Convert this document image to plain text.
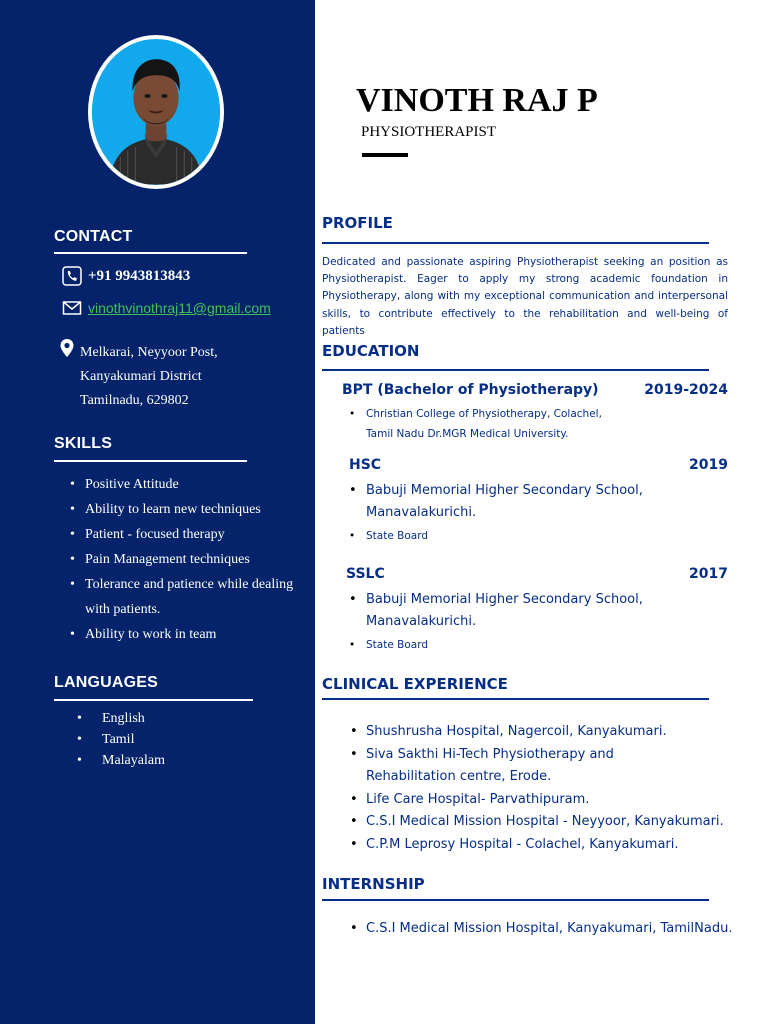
CONTACT
+91 9943813843
vinothvinothraj11@gmail.com
Melkarai, Neyyoor Post,
Kanyakumari District
Tamilnadu, 629802
SKILLS
• Positive Attitude
• Ability to learn new techniques
• Patient - focused therapy
• Pain Management techniques
• Tolerance and patience while dealing with patients.
• Ability to work in team
LANGUAGES
• English
• Tamil
• Malayalam
VINOTH RAJ P
PHYSIOTHERAPIST
PROFILE

Dedicated and passionate aspiring Physiotherapist seeking an position as Physiotherapist. Eager to apply my strong academic foundation in Physiotherapy, along with my exceptional communication and interpersonal skills, to contribute effectively to the rehabilitation and well-being of patients

EDUCATION
BPT (Bachelor of Physiotherapy)	2019-2024
• Christian College of Physiotherapy, Colachel,
Tamil Nadu Dr.MGR Medical University.
HSC	2019
• Babuji Memorial Higher Secondary School, Manavalakurichi.
• State Board
SSLC	2017
• Babuji Memorial Higher Secondary School, Manavalakurichi.
• State Board
CLINICAL EXPERIENCE
• Shushrusha Hospital, Nagercoil, Kanyakumari.
• Siva Sakthi Hi-Tech Physiotherapy and Rehabilitation centre, Erode.
• Life Care Hospital- Parvathipuram.
• C.S.I Medical Mission Hospital - Neyyoor, Kanyakumari.
• C.P.M Leprosy Hospital - Colachel, Kanyakumari.
INTERNSHIP
• C.S.I Medical Mission Hospital, Kanyakumari, TamilNadu.
